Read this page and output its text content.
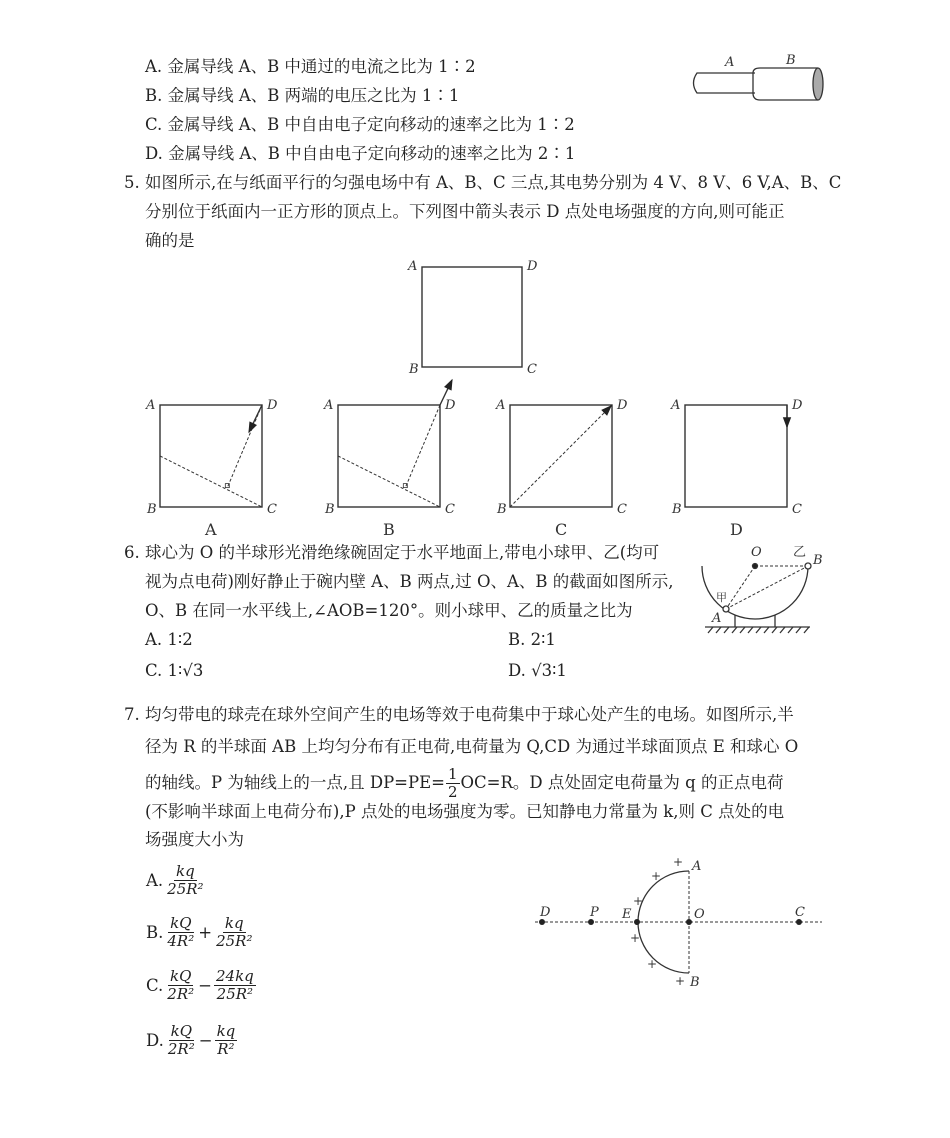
A. 金属导线 A、B 中通过的电流之比为 1∶2
B. 金属导线 A、B 两端的电压之比为 1∶1
C. 金属导线 A、B 中自由电子定向移动的速率之比为 1∶2
D. 金属导线 A、B 中自由电子定向移动的速率之比为 2∶1
5. 如图所示,在与纸面平行的匀强电场中有 A、B、C 三点,其电势分别为 4 V、8 V、6 V,A、B、C
分别位于纸面内一正方形的顶点上。下列图中箭头表示 D 点处电场强度的方向,则可能正
确的是
6. 球心为 O 的半球形光滑绝缘碗固定于水平地面上,带电小球甲、乙(均可
视为点电荷)刚好静止于碗内壁 A、B 两点,过 O、A、B 的截面如图所示,
O、B 在同一水平线上,∠AOB=120°。则小球甲、乙的质量之比为
A. 1∶2	B. 2∶1
C. 1∶√3	D. √3∶1
7. 均匀带电的球壳在球外空间产生的电场等效于电荷集中于球心处产生的电场。如图所示,半
径为 R 的半球面 AB 上均匀分布有正电荷,电荷量为 Q,CD 为通过半球面顶点 E 和球心 O
的轴线。P 为轴线上的一点,且 $DP=PE= \frac{1}{2} OC=R$。D 点处固定电荷量为 q 的正点电荷
(不影响半球面上电荷分布),P 点处的电场强度为零。已知静电力常量为 k,则 C 点处的电
场强度大小为
A. $\frac{kq}{\text{25R²}}$
B. $\frac{kQ}{\text{4R²}} + \frac{kq}{\text{25R²}}$
C. $\frac{kQ}{\text{2R²}} - \frac{24kq}{\text{25R²}}$
D. $\frac{kQ}{\text{2R²}} - \frac{kq}{\text{R²}}$
A	B
A
B	C
D
A
B	C
D
A
A
B	C
D
B
A
B	C
D
C
A
B	C
D
D
O 乙
B
甲
A
D	P E	O	C
A
B
+
+
+
+
+
+
